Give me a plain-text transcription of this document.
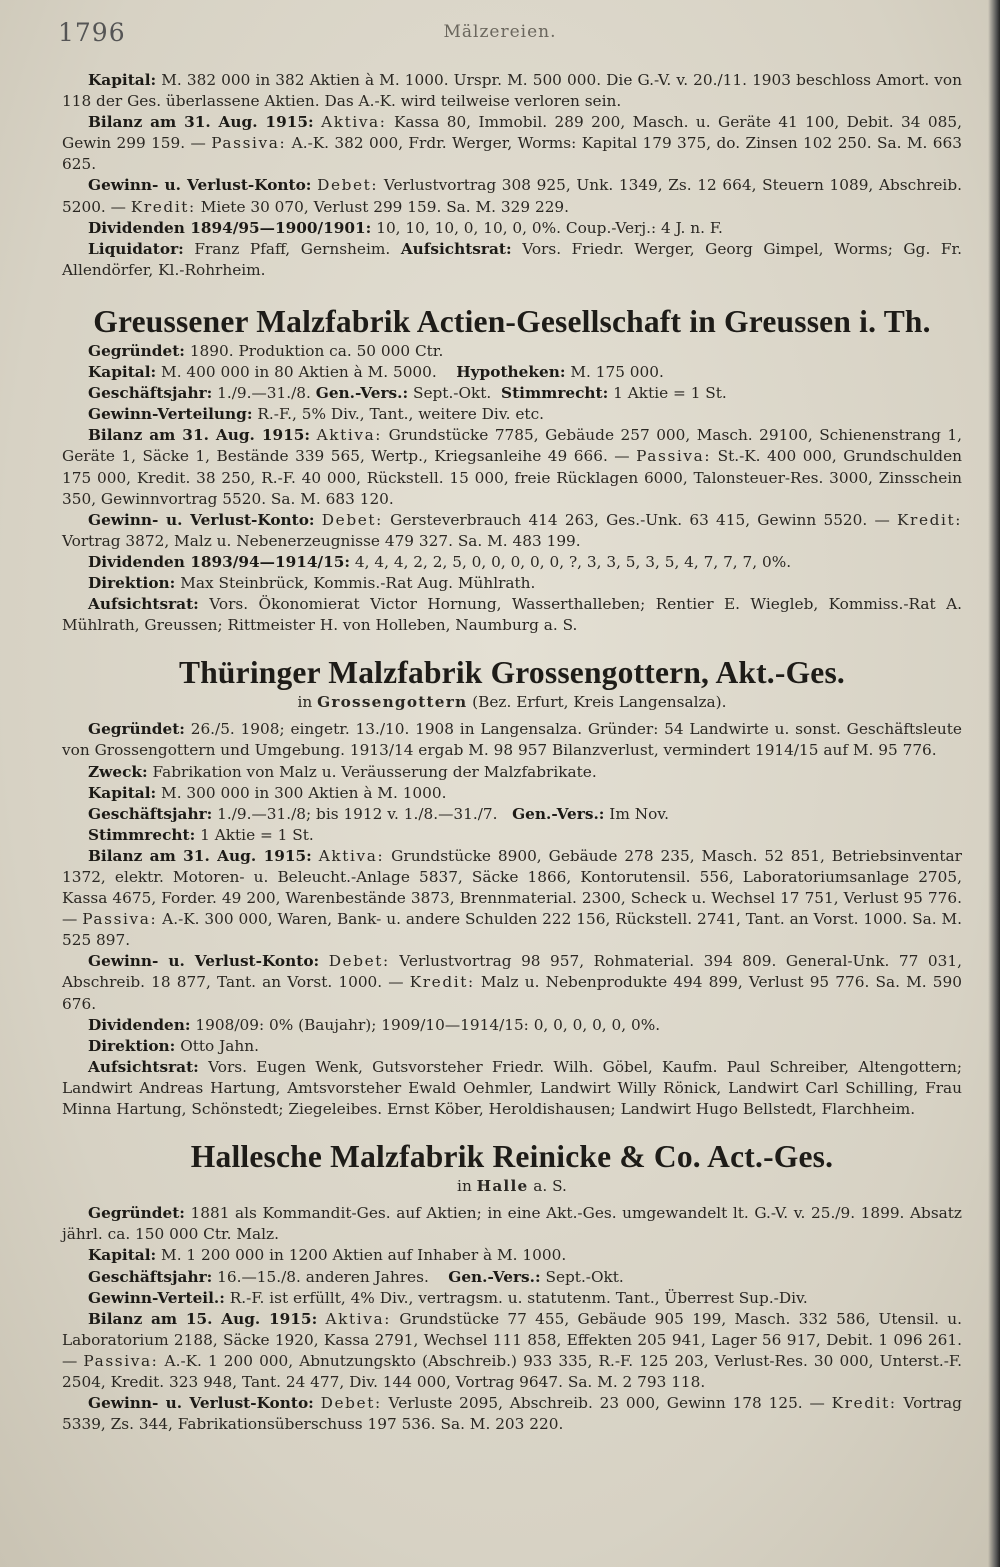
1796	Mälzereien.

Kapital: M. 382 000 in 382 Aktien à M. 1000. Urspr. M. 500 000. Die G.-V. v. 20./11. 1903 beschloss Amort. von 118 der Ges. überlassene Aktien. Das A.-K. wird teilweise verloren sein.

Bilanz am 31. Aug. 1915: Aktiva: Kassa 80, Immobil. 289 200, Masch. u. Geräte 41 100, Debit. 34 085, Gewin 299 159. — Passiva: A.-K. 382 000, Frdr. Werger, Worms: Kapital 179 375, do. Zinsen 102 250. Sa. M. 663 625.

Gewinn- u. Verlust-Konto: Debet: Verlustvortrag 308 925, Unk. 1349, Zs. 12 664, Steuern 1089, Abschreib. 5200. — Kredit: Miete 30 070, Verlust 299 159. Sa. M. 329 229.

Dividenden 1894/95—1900/1901: 10, 10, 10, 0, 10, 0, 0%. Coup.-Verj.: 4 J. n. F.

Liquidator: Franz Pfaff, Gernsheim. Aufsichtsrat: Vors. Friedr. Werger, Georg Gimpel, Worms; Gg. Fr. Allendörfer, Kl.-Rohrheim.

Greussener Malzfabrik Actien-Gesellschaft in Greussen i. Th.

Gegründet: 1890. Produktion ca. 50 000 Ctr.

Kapital: M. 400 000 in 80 Aktien à M. 5000. Hypotheken: M. 175 000.

Geschäftsjahr: 1./9.—31./8. Gen.-Vers.: Sept.-Okt. Stimmrecht: 1 Aktie = 1 St.

Gewinn-Verteilung: R.-F., 5% Div., Tant., weitere Div. etc.

Bilanz am 31. Aug. 1915: Aktiva: Grundstücke 7785, Gebäude 257 000, Masch. 29100, Schienenstrang 1, Geräte 1, Säcke 1, Bestände 339 565, Wertp., Kriegsanleihe 49 666. — Passiva: St.-K. 400 000, Grundschulden 175 000, Kredit. 38 250, R.-F. 40 000, Rückstell. 15 000, freie Rücklagen 6000, Talonsteuer-Res. 3000, Zinsschein 350, Gewinnvortrag 5520. Sa. M. 683 120.

Gewinn- u. Verlust-Konto: Debet: Gersteverbrauch 414 263, Ges.-Unk. 63 415, Gewinn 5520. — Kredit: Vortrag 3872, Malz u. Nebenerzeugnisse 479 327. Sa. M. 483 199.

Dividenden 1893/94—1914/15: 4, 4, 4, 2, 2, 5, 0, 0, 0, 0, 0, ?, 3, 3, 5, 3, 5, 4, 7, 7, 7, 0%.

Direktion: Max Steinbrück, Kommis.-Rat Aug. Mühlrath.

Aufsichtsrat: Vors. Ökonomierat Victor Hornung, Wasserthalleben; Rentier E. Wiegleb, Kommiss.-Rat A. Mühlrath, Greussen; Rittmeister H. von Holleben, Naumburg a. S.

Thüringer Malzfabrik Grossengottern, Akt.-Ges.

in Grossengottern (Bez. Erfurt, Kreis Langensalza).

Gegründet: 26./5. 1908; eingetr. 13./10. 1908 in Langensalza. Gründer: 54 Landwirte u. sonst. Geschäftsleute von Grossengottern und Umgebung. 1913/14 ergab M. 98 957 Bilanzverlust, vermindert 1914/15 auf M. 95 776.

Zweck: Fabrikation von Malz u. Veräusserung der Malzfabrikate.

Kapital: M. 300 000 in 300 Aktien à M. 1000.

Geschäftsjahr: 1./9.—31./8; bis 1912 v. 1./8.—31./7. Gen.-Vers.: Im Nov.

Stimmrecht: 1 Aktie = 1 St.

Bilanz am 31. Aug. 1915: Aktiva: Grundstücke 8900, Gebäude 278 235, Masch. 52 851, Betriebsinventar 1372, elektr. Motoren- u. Beleucht.-Anlage 5837, Säcke 1866, Kontorutensil. 556, Laboratoriumsanlage 2705, Kassa 4675, Forder. 49 200, Warenbestände 3873, Brennmaterial. 2300, Scheck u. Wechsel 17 751, Verlust 95 776. — Passiva: A.-K. 300 000, Waren, Bank- u. andere Schulden 222 156, Rückstell. 2741, Tant. an Vorst. 1000. Sa. M. 525 897.

Gewinn- u. Verlust-Konto: Debet: Verlustvortrag 98 957, Rohmaterial. 394 809. General-Unk. 77 031, Abschreib. 18 877, Tant. an Vorst. 1000. — Kredit: Malz u. Nebenprodukte 494 899, Verlust 95 776. Sa. M. 590 676.

Dividenden: 1908/09: 0% (Baujahr); 1909/10—1914/15: 0, 0, 0, 0, 0, 0%.

Direktion: Otto Jahn.

Aufsichtsrat: Vors. Eugen Wenk, Gutsvorsteher Friedr. Wilh. Göbel, Kaufm. Paul Schreiber, Altengottern; Landwirt Andreas Hartung, Amtsvorsteher Ewald Oehmler, Landwirt Willy Rönick, Landwirt Carl Schilling, Frau Minna Hartung, Schönstedt; Ziegeleibes. Ernst Köber, Heroldishausen; Landwirt Hugo Bellstedt, Flarchheim.

Hallesche Malzfabrik Reinicke & Co. Act.-Ges.

in Halle a. S.

Gegründet: 1881 als Kommandit-Ges. auf Aktien; in eine Akt.-Ges. umgewandelt lt. G.-V. v. 25./9. 1899. Absatz jährl. ca. 150 000 Ctr. Malz.

Kapital: M. 1 200 000 in 1200 Aktien auf Inhaber à M. 1000.

Geschäftsjahr: 16.—15./8. anderen Jahres. Gen.-Vers.: Sept.-Okt.

Gewinn-Verteil.: R.-F. ist erfüllt, 4% Div., vertragsm. u. statutenm. Tant., Überrest Sup.-Div.

Bilanz am 15. Aug. 1915: Aktiva: Grundstücke 77 455, Gebäude 905 199, Masch. 332 586, Utensil. u. Laboratorium 2188, Säcke 1920, Kassa 2791, Wechsel 111 858, Effekten 205 941, Lager 56 917, Debit. 1 096 261. — Passiva: A.-K. 1 200 000, Abnutzungskto (Abschreib.) 933 335, R.-F. 125 203, Verlust-Res. 30 000, Unterst.-F. 2504, Kredit. 323 948, Tant. 24 477, Div. 144 000, Vortrag 9647. Sa. M. 2 793 118.

Gewinn- u. Verlust-Konto: Debet: Verluste 2095, Abschreib. 23 000, Gewinn 178 125. — Kredit: Vortrag 5339, Zs. 344, Fabrikationsüberschuss 197 536. Sa. M. 203 220.
